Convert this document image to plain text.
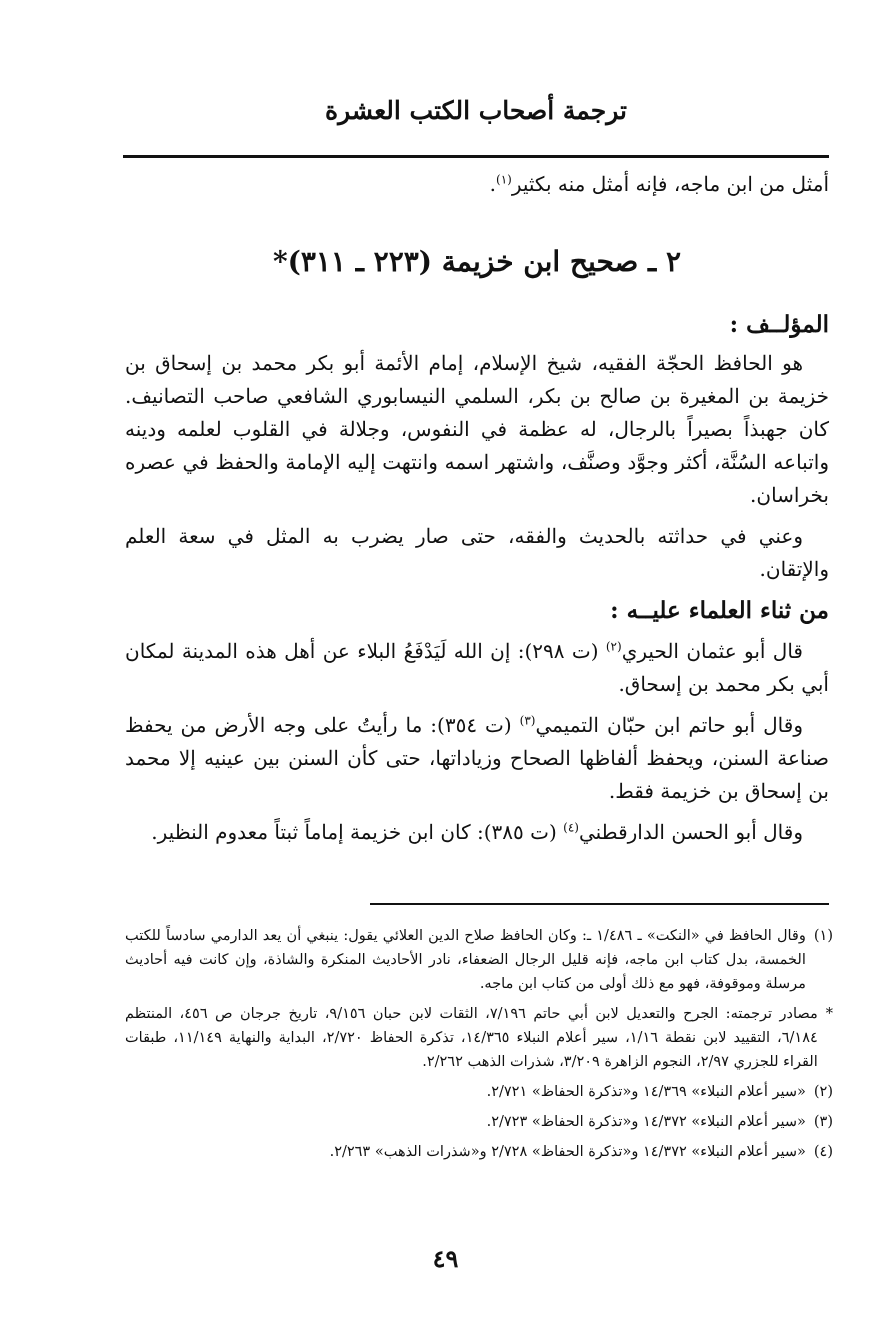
ترجمة أصحاب الكتب العشرة

أمثل من ابن ماجه، فإنه أمثل منه بكثير$^{(١)}$.

٢ ـ صحيح ابن خزيمة (٢٢٣ ـ ٣١١)*
المؤلــف :

هو الحافظ الحجّة الفقيه، شيخ الإسلام، إمام الأئمة أبو بكر محمد بن إسحاق بن خزيمة بن المغيرة بن صالح بن بكر، السلمي النيسابوري الشافعي صاحب التصانيف. كان جهبذاً بصيراً بالرجال، له عظمة في النفوس، وجلالة في القلوب لعلمه ودينه واتباعه السُنَّة، أكثر وجوَّد وصنَّف، واشتهر اسمه وانتهت إليه الإمامة والحفظ في عصره بخراسان.

وعني في حداثته بالحديث والفقه، حتى صار يضرب به المثل في سعة العلم والإتقان.

من ثناء العلماء عليــه :

قال أبو عثمان الحيري$^{(٢)}$ (ت ٢٩٨): إن الله لَيَدْفَعُ البلاء عن أهل هذه المدينة لمكان أبي بكر محمد بن إسحاق.

وقال أبو حاتم ابن حبّان التميمي$^{(٣)}$ (ت ٣٥٤): ما رأيتُ على وجه الأرض من يحفظ صناعة السنن، ويحفظ ألفاظها الصحاح وزياداتها، حتى كأن السنن بين عينيه إلا محمد بن إسحاق بن خزيمة فقط.

وقال أبو الحسن الدارقطني$^{(٤)}$ (ت ٣٨٥): كان ابن خزيمة إماماً ثبتاً معدوم النظير.

(١)
وقال الحافظ في «النكت» ـ ١/٤٨٦ ـ: وكان الحافظ صلاح الدين العلائي يقول: ينبغي أن يعد الدارمي سادساً للكتب الخمسة، بدل كتاب ابن ماجه، فإنه قليل الرجال الضعفاء، نادر الأحاديث المنكرة والشاذة، وإن كانت فيه أحاديث مرسلة وموقوفة، فهو مع ذلك أولى من كتاب ابن ماجه.
*
مصادر ترجمته: الجرح والتعديل لابن أبي حاتم ٧/١٩٦، الثقات لابن حبان ٩/١٥٦، تاريخ جرجان ص ٤٥٦، المنتظم ٦/١٨٤، التقييد لابن نقطة ١/١٦، سير أعلام النبلاء ١٤/٣٦٥، تذكرة الحفاظ ٢/٧٢٠، البداية والنهاية ١١/١٤٩، طبقات القراء للجزري ٢/٩٧، النجوم الزاهرة ٣/٢٠٩، شذرات الذهب ٢/٢٦٢.
(٢)
«سير أعلام النبلاء» ١٤/٣٦٩ و«تذكرة الحفاظ» ٢/٧٢١.
(٣)
«سير أعلام النبلاء» ١٤/٣٧٢ و«تذكرة الحفاظ» ٢/٧٢٣.
(٤)
«سير أعلام النبلاء» ١٤/٣٧٢ و«تذكرة الحفاظ» ٢/٧٢٨ و«شذرات الذهب» ٢/٢٦٣.
٤٩
